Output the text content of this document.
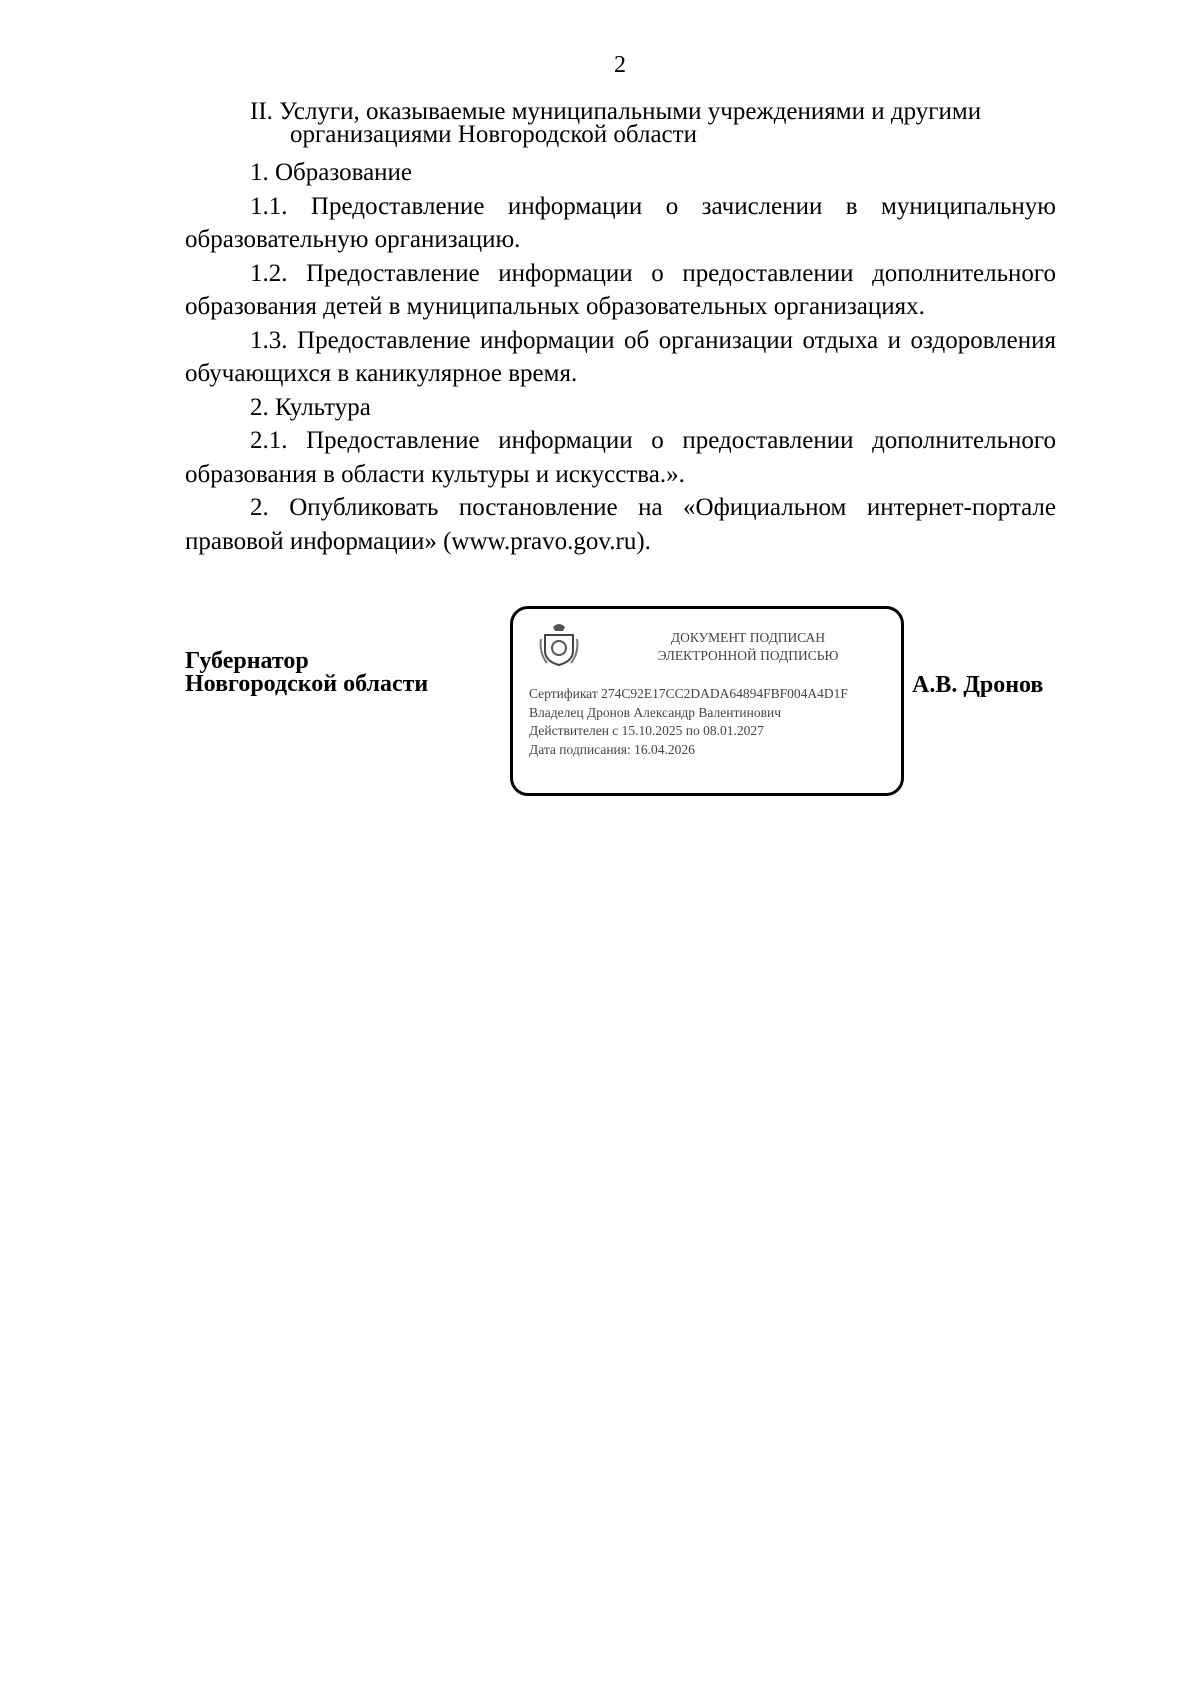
2
II. Услуги, оказываемые муниципальными учреждениями и другими
организациями Новгородской области
1. Образование
1.1. Предоставление информации о зачислении в муниципальную образовательную организацию.
1.2. Предоставление информации о предоставлении дополнительного образования детей в муниципальных образовательных организациях.
1.3. Предоставление информации об организации отдыха и оздоровления обучающихся в каникулярное время.
2. Культура
2.1. Предоставление информации о предоставлении дополнительного образования в области культуры и искусства.».
2. Опубликовать постановление на «Официальном интернет-портале правовой информации» (www.pravo.gov.ru).
Губернатор
Новгородской области
ДОКУМЕНТ ПОДПИСАН
ЭЛЕКТРОННОЙ ПОДПИСЬЮ
Сертификат 274C92E17CC2DADA64894FBF004A4D1F
Владелец Дронов Александр Валентинович
Действителен с 15.10.2025 по 08.01.2027
Дата подписания: 16.04.2026
А.В. Дронов
